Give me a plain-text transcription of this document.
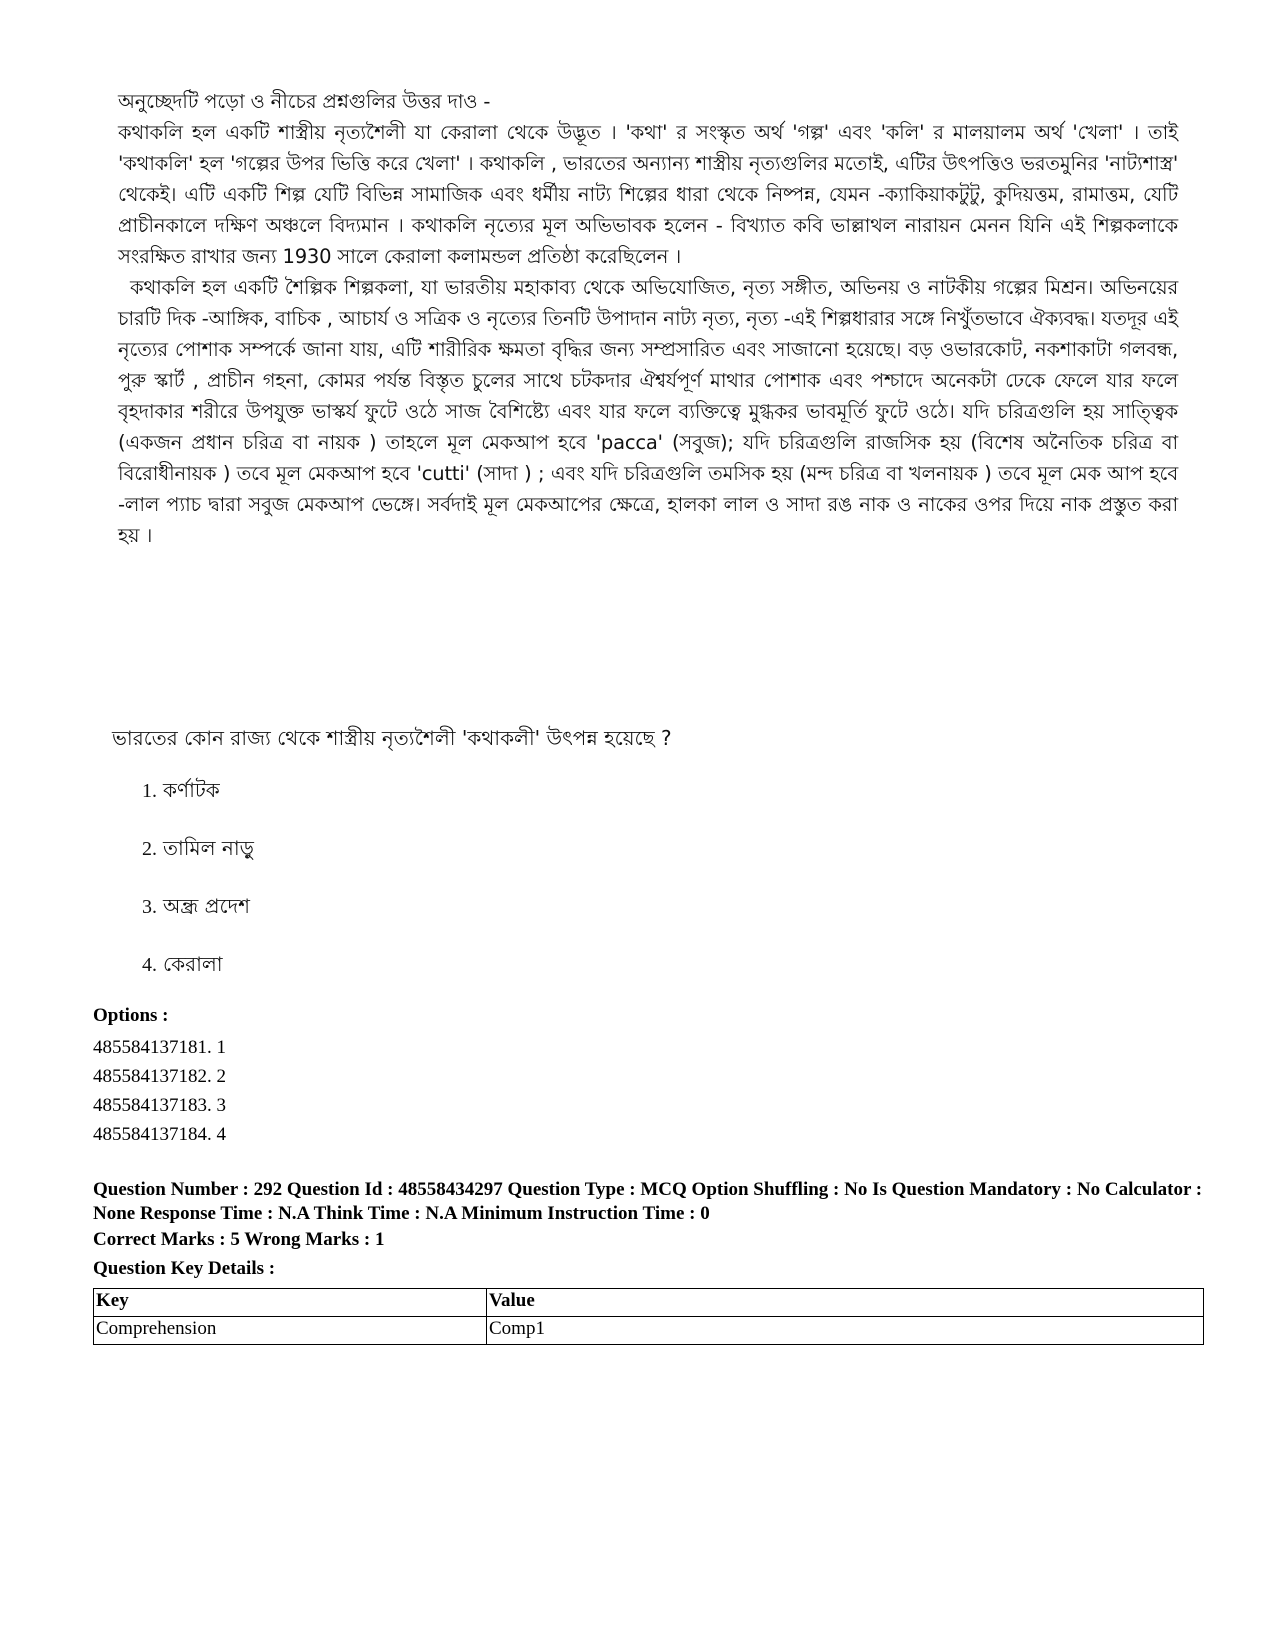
অনুচ্ছেদটি পড়ো ও নীচের প্রশ্নগুলির উত্তর দাও -

কথাকলি হল একটি শাস্ত্রীয় নৃত্যশৈলী যা কেরালা থেকে উদ্ভূত । 'কথা' র সংস্কৃত অর্থ 'গল্প' এবং 'কলি' র মালয়ালম অর্থ 'খেলা' । তাই 'কথাকলি' হল 'গল্পের উপর ভিত্তি করে খেলা' । কথাকলি , ভারতের অন্যান্য শাস্ত্রীয় নৃত্যগুলির মতোই, এটির উৎপত্তিও ভরতমুনির 'নাট্যশাস্ত্র' থেকেই। এটি একটি শিল্প যেটি বিভিন্ন সামাজিক এবং ধর্মীয় নাট্য শিল্পের ধারা থেকে নিষ্পন্ন, যেমন -ক্যাকিয়াকটুটু, কুদিয়ত্তম, রামাত্তম, যেটি প্রাচীনকালে দক্ষিণ অঞ্চলে বিদ্যমান । কথাকলি নৃত্যের মূল অভিভাবক হলেন - বিখ্যাত কবি ভাল্লাথল নারায়ন মেনন যিনি এই শিল্পকলাকে সংরক্ষিত রাখার জন্য 1930 সালে কেরালা কলামন্ডল প্রতিষ্ঠা করেছিলেন ।

কথাকলি হল একটি শৈল্পিক শিল্পকলা, যা ভারতীয় মহাকাব্য থেকে অভিযোজিত, নৃত্য সঙ্গীত, অভিনয় ও নাটকীয় গল্পের মিশ্রন। অভিনয়ের চারটি দিক -আঙ্গিক, বাচিক , আচার্য ও সত্রিক ও নৃত্যের তিনটি উপাদান নাট্য নৃত্য, নৃত্য -এই শিল্পধারার সঙ্গে নিখুঁতভাবে ঐক্যবদ্ধ। যতদূর এই নৃত্যের পোশাক সম্পর্কে জানা যায়, এটি শারীরিক ক্ষমতা বৃদ্ধির জন্য সম্প্রসারিত এবং সাজানো হয়েছে। বড় ওভারকোট, নকশাকাটা গলবন্ধ, পুরু স্কার্ট , প্রাচীন গহনা, কোমর পর্যন্ত বিস্তৃত চুলের সাথে চটকদার ঐশ্বর্যপূর্ণ মাথার পোশাক এবং পশ্চাদে অনেকটা ঢেকে ফেলে যার ফলে বৃহদাকার শরীরে উপযুক্ত ভাস্কর্য ফুটে ওঠে সাজ বৈশিষ্ট্যে এবং যার ফলে ব্যক্তিত্বে মুগ্ধকর ভাবমূর্তি ফুটে ওঠে। যদি চরিত্রগুলি হয় সাত্ত্বিক (একজন প্রধান চরিত্র বা নায়ক ) তাহলে মূল মেকআপ হবে 'pacca' (সবুজ); যদি চরিত্রগুলি রাজসিক হয় (বিশেষ অনৈতিক চরিত্র বা বিরোধীনায়ক ) তবে মূল মেকআপ হবে 'cutti' (সাদা ) ; এবং যদি চরিত্রগুলি তমসিক হয় (মন্দ চরিত্র বা খলনায়ক ) তবে মূল মেক আপ হবে -লাল প্যাচ দ্বারা সবুজ মেকআপ ভেঙ্গে। সর্বদাই মূল মেকআপের ক্ষেত্রে, হালকা লাল ও সাদা রঙ নাক ও নাকের ওপর দিয়ে নাক প্রস্তুত করা হয় ।

ভারতের কোন রাজ্য থেকে শাস্ত্রীয় নৃত্যশৈলী 'কথাকলী' উৎপন্ন হয়েছে ?
1. কর্ণাটক
2. তামিল নাড়ু
3. অন্ধ্র প্রদেশ
4. কেরালা
Options :
485584137181. 1
485584137182. 2
485584137183. 3
485584137184. 4
Question Number : 292 Question Id : 48558434297 Question Type : MCQ Option Shuffling : No Is Question Mandatory : No Calculator : None Response Time : N.A Think Time : N.A Minimum Instruction Time : 0
Correct Marks : 5 Wrong Marks : 1
Question Key Details :
Key	Value
Comprehension	Comp1
